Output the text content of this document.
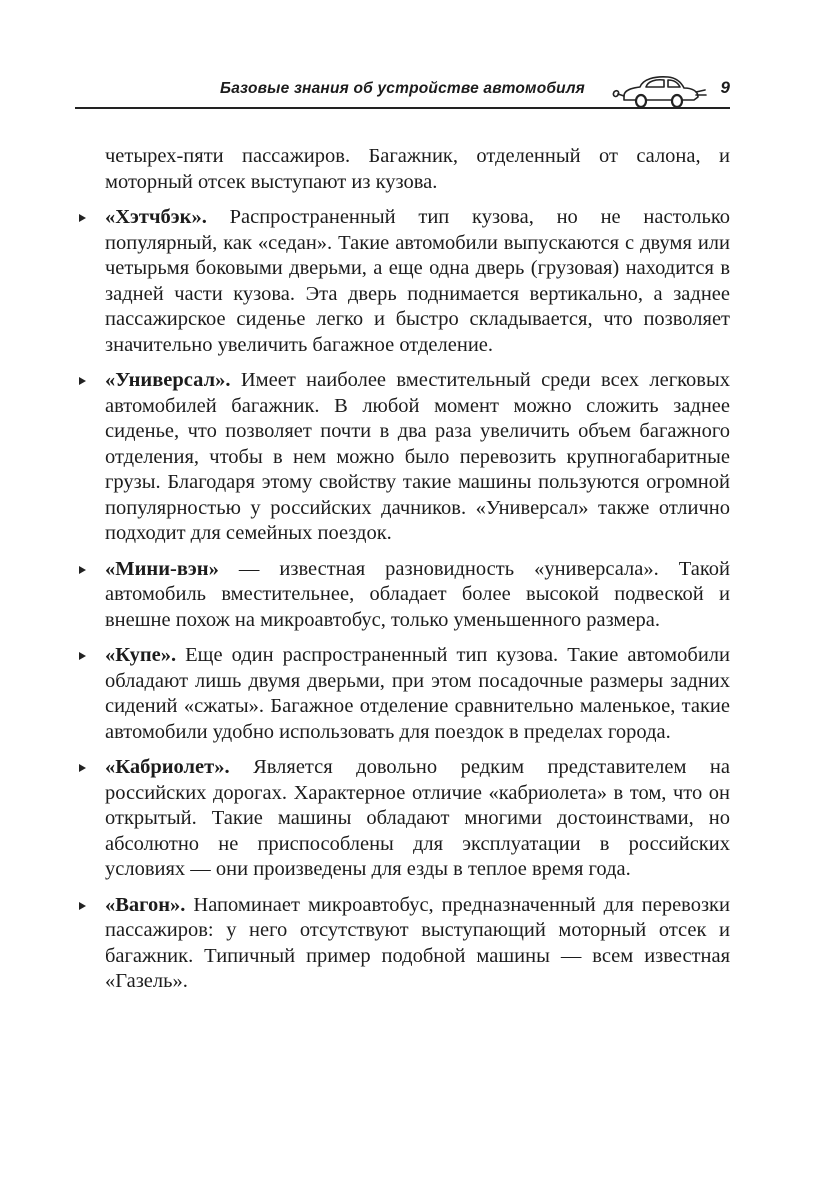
Базовые знания об устройстве автомобиля	9

четырех-пяти пассажиров. Багажник, отделенный от салона, и моторный отсек выступают из кузова.

«Хэтчбэк». Распространенный тип кузова, но не настолько популярный, как «седан». Такие автомобили выпускаются с двумя или четырьмя боковыми дверьми, а еще одна дверь (грузовая) находится в задней части кузова. Эта дверь поднимается вертикально, а заднее пассажирское сиденье легко и быстро складывается, что позволяет значительно увеличить багажное отделение.
«Универсал». Имеет наиболее вместительный среди всех легковых автомобилей багажник. В любой момент можно сложить заднее сиденье, что позволяет почти в два раза увеличить объем багажного отделения, чтобы в нем можно было перевозить крупногабаритные грузы. Благодаря этому свойству такие машины пользуются огромной популярностью у российских дачников. «Универсал» также отлично подходит для семейных поездок.
«Мини-вэн» — известная разновидность «универсала». Такой автомобиль вместительнее, обладает более высокой подвеской и внешне похож на микроавтобус, только уменьшенного размера.
«Купе». Еще один распространенный тип кузова. Такие автомобили обладают лишь двумя дверьми, при этом посадочные размеры задних сидений «сжаты». Багажное отделение сравнительно маленькое, такие автомобили удобно использовать для поездок в пределах города.
«Кабриолет». Является довольно редким представителем на российских дорогах. Характерное отличие «кабриолета» в том, что он открытый. Такие машины обладают многими достоинствами, но абсолютно не приспособлены для эксплуатации в российских условиях — они произведены для езды в теплое время года.
«Вагон». Напоминает микроавтобус, предназначенный для перевозки пассажиров: у него отсутствуют выступающий моторный отсек и багажник. Типичный пример подобной машины — всем известная «Газель».
